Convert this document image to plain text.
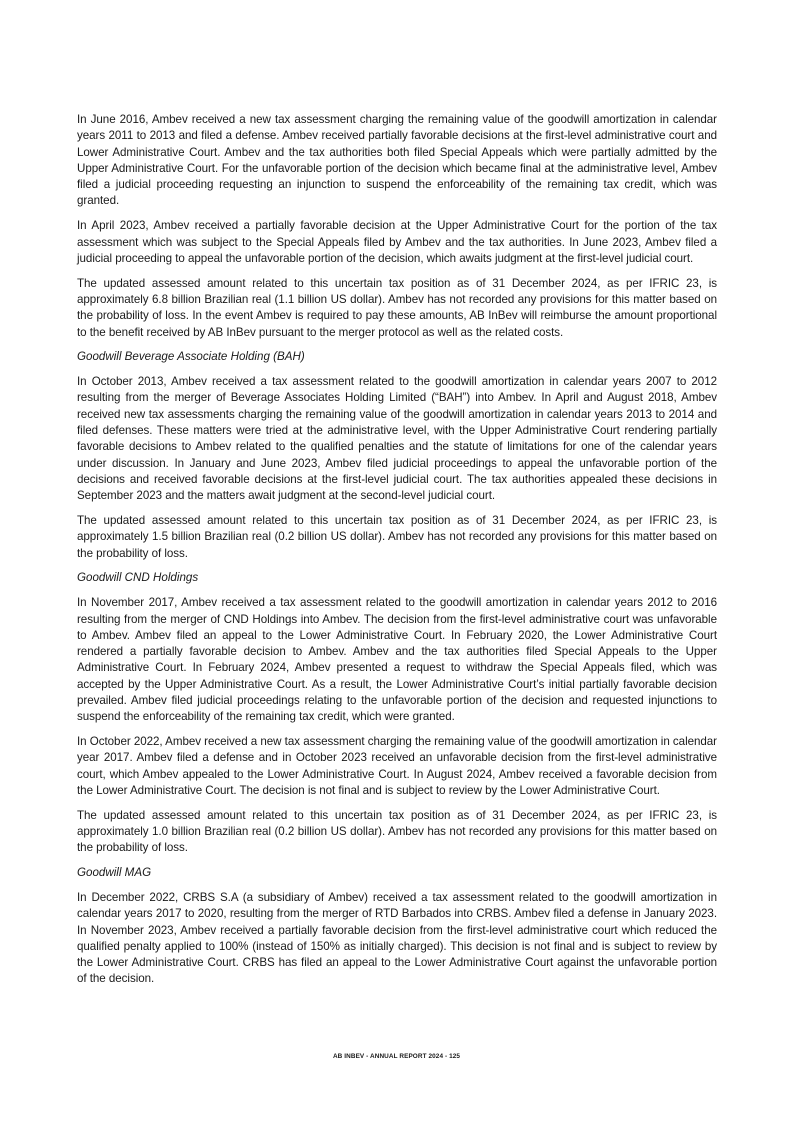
In June 2016, Ambev received a new tax assessment charging the remaining value of the goodwill amortization in calendar years 2011 to 2013 and filed a defense. Ambev received partially favorable decisions at the first-level administrative court and Lower Administrative Court. Ambev and the tax authorities both filed Special Appeals which were partially admitted by the Upper Administrative Court. For the unfavorable portion of the decision which became final at the administrative level, Ambev filed a judicial proceeding requesting an injunction to suspend the enforceability of the remaining tax credit, which was granted.

In April 2023, Ambev received a partially favorable decision at the Upper Administrative Court for the portion of the tax assessment which was subject to the Special Appeals filed by Ambev and the tax authorities. In June 2023, Ambev filed a judicial proceeding to appeal the unfavorable portion of the decision, which awaits judgment at the first-level judicial court.

The updated assessed amount related to this uncertain tax position as of 31 December 2024, as per IFRIC 23, is approximately 6.8 billion Brazilian real (1.1 billion US dollar). Ambev has not recorded any provisions for this matter based on the probability of loss. In the event Ambev is required to pay these amounts, AB InBev will reimburse the amount proportional to the benefit received by AB InBev pursuant to the merger protocol as well as the related costs.

Goodwill Beverage Associate Holding (BAH)

In October 2013, Ambev received a tax assessment related to the goodwill amortization in calendar years 2007 to 2012 resulting from the merger of Beverage Associates Holding Limited (“BAH”) into Ambev. In April and August 2018, Ambev received new tax assessments charging the remaining value of the goodwill amortization in calendar years 2013 to 2014 and filed defenses. These matters were tried at the administrative level, with the Upper Administrative Court rendering partially favorable decisions to Ambev related to the qualified penalties and the statute of limitations for one of the calendar years under discussion. In January and June 2023, Ambev filed judicial proceedings to appeal the unfavorable portion of the decisions and received favorable decisions at the first-level judicial court. The tax authorities appealed these decisions in September 2023 and the matters await judgment at the second-level judicial court.

The updated assessed amount related to this uncertain tax position as of 31 December 2024, as per IFRIC 23, is approximately 1.5 billion Brazilian real (0.2 billion US dollar). Ambev has not recorded any provisions for this matter based on the probability of loss.

Goodwill CND Holdings

In November 2017, Ambev received a tax assessment related to the goodwill amortization in calendar years 2012 to 2016 resulting from the merger of CND Holdings into Ambev. The decision from the first-level administrative court was unfavorable to Ambev. Ambev filed an appeal to the Lower Administrative Court. In February 2020, the Lower Administrative Court rendered a partially favorable decision to Ambev. Ambev and the tax authorities filed Special Appeals to the Upper Administrative Court. In February 2024, Ambev presented a request to withdraw the Special Appeals filed, which was accepted by the Upper Administrative Court. As a result, the Lower Administrative Court’s initial partially favorable decision prevailed. Ambev filed judicial proceedings relating to the unfavorable portion of the decision and requested injunctions to suspend the enforceability of the remaining tax credit, which were granted.

In October 2022, Ambev received a new tax assessment charging the remaining value of the goodwill amortization in calendar year 2017. Ambev filed a defense and in October 2023 received an unfavorable decision from the first-level administrative court, which Ambev appealed to the Lower Administrative Court. In August 2024, Ambev received a favorable decision from the Lower Administrative Court. The decision is not final and is subject to review by the Lower Administrative Court.

The updated assessed amount related to this uncertain tax position as of 31 December 2024, as per IFRIC 23, is approximately 1.0 billion Brazilian real (0.2 billion US dollar). Ambev has not recorded any provisions for this matter based on the probability of loss.

Goodwill MAG

In December 2022, CRBS S.A (a subsidiary of Ambev) received a tax assessment related to the goodwill amortization in calendar years 2017 to 2020, resulting from the merger of RTD Barbados into CRBS. Ambev filed a defense in January 2023. In November 2023, Ambev received a partially favorable decision from the first-level administrative court which reduced the qualified penalty applied to 100% (instead of 150% as initially charged). This decision is not final and is subject to review by the Lower Administrative Court. CRBS has filed an appeal to the Lower Administrative Court against the unfavorable portion of the decision.

AB INBEV - ANNUAL REPORT 2024 - 125
